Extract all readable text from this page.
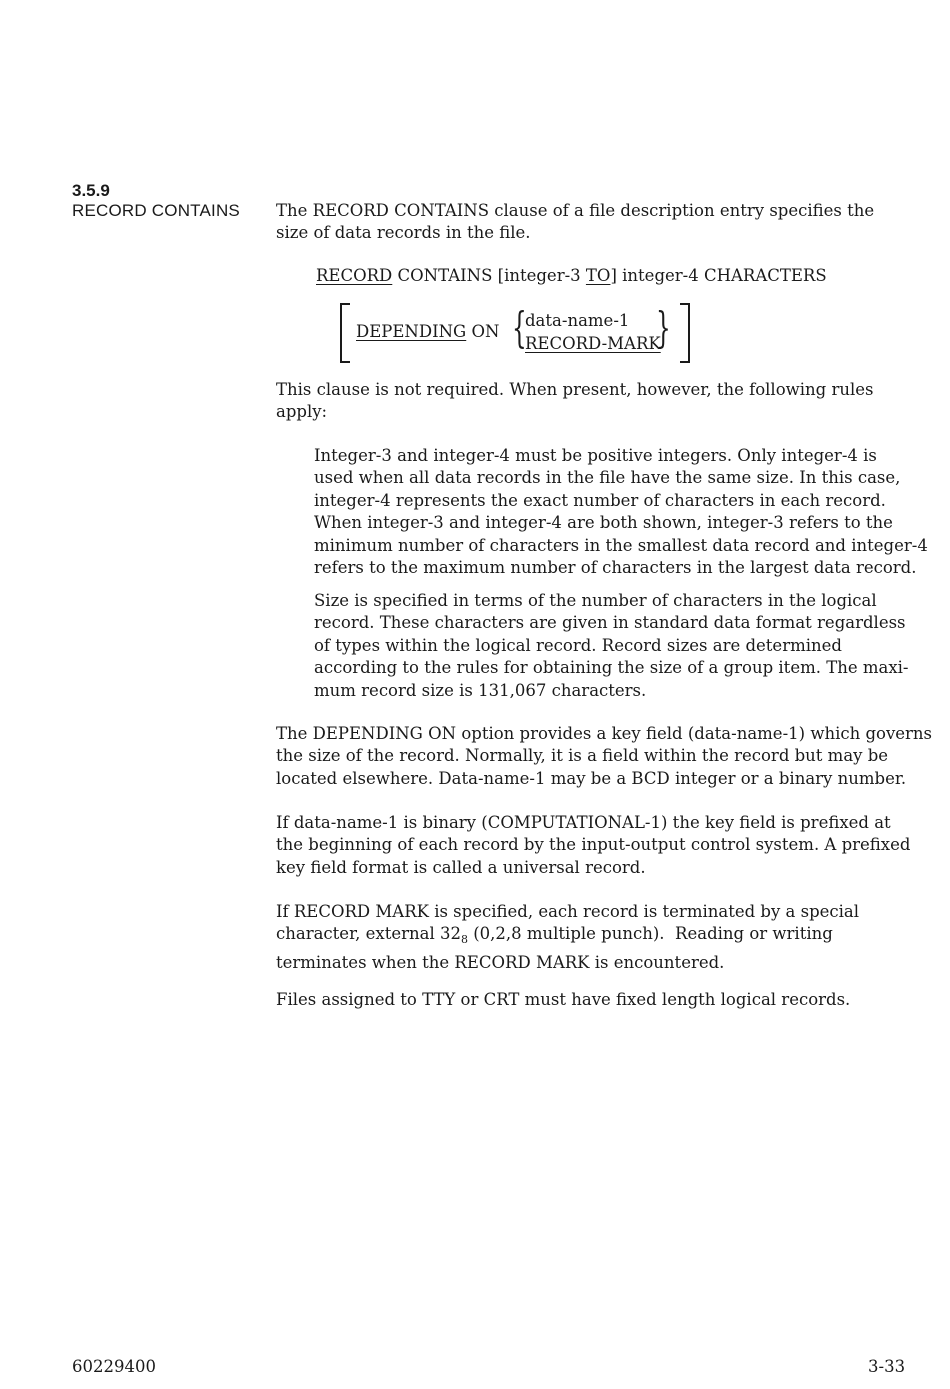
3.5.9
RECORD CONTAINS The RECORD CONTAINS clause of a file description entry specifies the
size of data records in the file.

RECORD CONTAINS [integer-3 TO] integer-4 CHARACTERS
DEPENDING ON {
data-name-1
RECORD-MARK
}

This clause is not required. When present, however, the following rules
apply:

Integer-3 and integer-4 must be positive integers. Only integer-4 is
used when all data records in the file have the same size. In this case,
integer-4 represents the exact number of characters in each record.
When integer-3 and integer-4 are both shown, integer-3 refers to the
minimum number of characters in the smallest data record and integer-4
refers to the maximum number of characters in the largest data record.

Size is specified in terms of the number of characters in the logical
record. These characters are given in standard data format regardless
of types within the logical record. Record sizes are determined
according to the rules for obtaining the size of a group item. The maxi-
mum record size is 131,067 characters.

The DEPENDING ON option provides a key field (data-name-1) which governs
the size of the record. Normally, it is a field within the record but may be
located elsewhere. Data-name-1 may be a BCD integer or a binary number.

If data-name-1 is binary (COMPUTATIONAL-1) the key field is prefixed at
the beginning of each record by the input-output control system. A prefixed
key field format is called a universal record.

If RECORD MARK is specified, each record is terminated by a special
character, external $32_8$ (0,2,8 multiple punch).  Reading or writing
terminates when the RECORD MARK is encountered.

Files assigned to TTY or CRT must have fixed length logical records.

60229400	3-33
